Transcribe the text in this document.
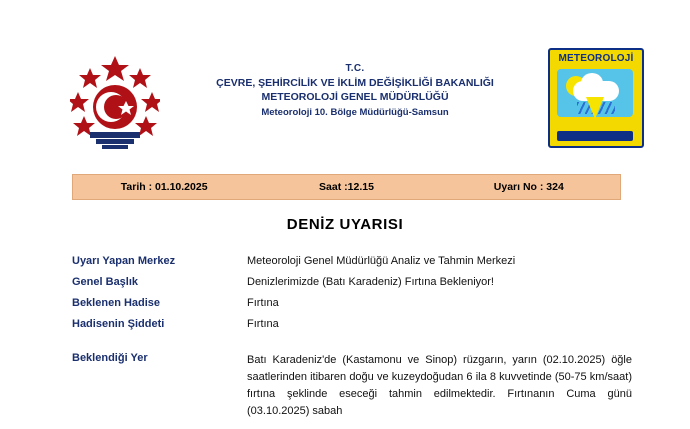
T.C.
ÇEVRE, ŞEHİRCİLİK VE İKLİM DEĞİŞİKLİĞİ BAKANLIĞI
METEOROLOJİ GENEL MÜDÜRLÜĞÜ
Meteoroloji 10. Bölge Müdürlüğü-Samsun
METEOROLOJİ
Tarih : 01.10.2025	Saat :12.15	Uyarı No : 324
DENİZ UYARISI
Uyarı Yapan Merkez	Meteoroloji Genel Müdürlüğü Analiz ve Tahmin Merkezi
Genel Başlık	Denizlerimizde (Batı Karadeniz) Fırtına Bekleniyor!
Beklenen Hadise	Fırtına
Hadisenin Şiddeti	Fırtına
Beklendiği Yer	Batı Karadeniz'de (Kastamonu ve Sinop) rüzgarın, yarın (02.10.2025) öğle saatlerinden itibaren doğu ve kuzeydoğudan 6 ila 8 kuvvetinde (50-75 km/saat) fırtına şeklinde eseceği tahmin edilmektedir. Fırtınanın Cuma günü (03.10.2025) sabah
